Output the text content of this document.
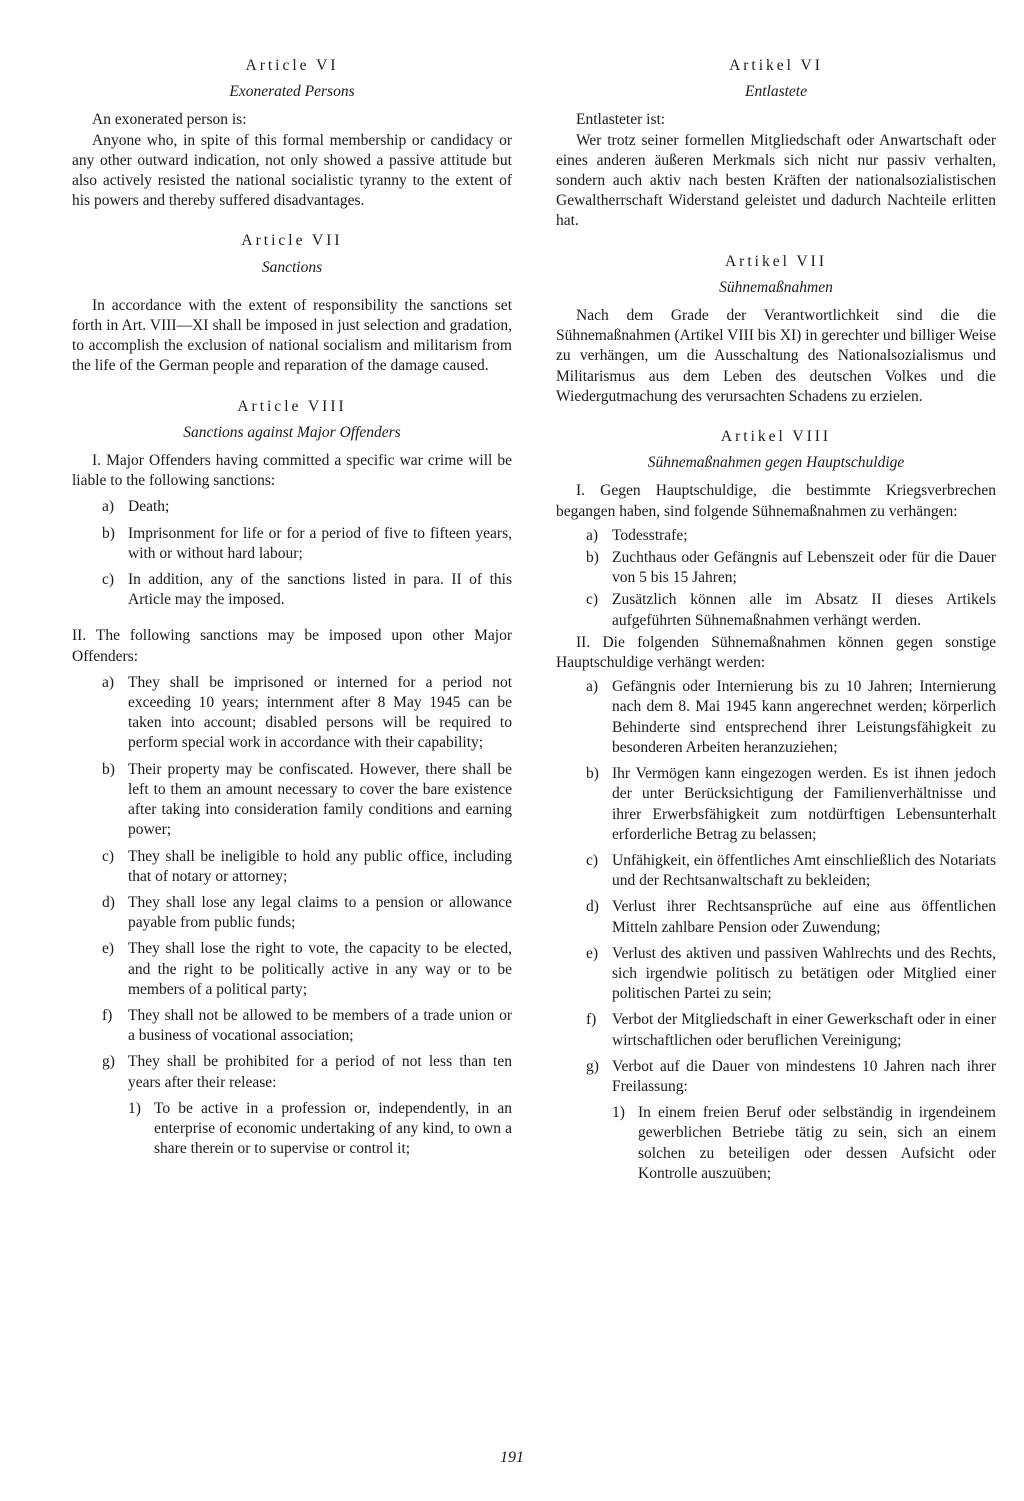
Article VI
Exonerated Persons

An exonerated person is:

Anyone who, in spite of this formal membership or candidacy or any other outward indication, not only showed a passive attitude but also actively resisted the national socialistic tyranny to the extent of his powers and thereby suffered disadvantages.

Article VII
Sanctions

In accordance with the extent of responsibility the sanctions set forth in Art. VIII—XI shall be imposed in just selection and gradation, to accomplish the exclusion of national socialism and militarism from the life of the German people and reparation of the damage caused.

Article VIII
Sanctions against Major Offenders

I. Major Offenders having committed a specific war crime will be liable to the following sanctions:

a) Death;
b) Imprisonment for life or for a period of five to fifteen years, with or without hard labour;
c) In addition, any of the sanctions listed in para. II of this Article may the imposed.

II. The following sanctions may be imposed upon other Major Offenders:

a) They shall be imprisoned or interned for a period not exceeding 10 years; internment after 8 May 1945 can be taken into account; disabled persons will be required to perform special work in accordance with their capability;
b) Their property may be confiscated. However, there shall be left to them an amount necessary to cover the bare existence after taking into consideration family conditions and earning power;
c) They shall be ineligible to hold any public office, including that of notary or attorney;
d) They shall lose any legal claims to a pension or allowance payable from public funds;
e) They shall lose the right to vote, the capacity to be elected, and the right to be politically active in any way or to be members of a political party;
f)	They shall not be allowed to be members of a trade union or a business of vocational association;
g) They shall be prohibited for a period of not less than ten years after their release:
1) To be active in a profession or, independently, in an enterprise of economic undertaking of any kind, to own a share therein or to supervise or control it;
Artikel VI
Entlastete

Entlasteter ist:

Wer trotz seiner formellen Mitgliedschaft oder Anwartschaft oder eines anderen äußeren Merkmals sich nicht nur passiv verhalten, sondern auch aktiv nach besten Kräften der nationalsozialistischen Gewaltherrschaft Widerstand geleistet und dadurch Nachteile erlitten hat.

Artikel VII
Sühnemaßnahmen

Nach dem Grade der Verantwortlichkeit sind die die Sühnemaßnahmen (Artikel VIII bis XI) in gerechter und billiger Weise zu verhängen, um die Ausschaltung des Nationalsozialismus und Militarismus aus dem Leben des deutschen Volkes und die Wiedergutmachung des verursachten Schadens zu erzielen.

Artikel VIII
Sühnemaßnahmen gegen Hauptschuldige

I. Gegen Hauptschuldige, die bestimmte Kriegsverbrechen begangen haben, sind folgende Sühnemaßnahmen zu verhängen:

a) Todesstrafe;
b) Zuchthaus oder Gefängnis auf Lebenszeit oder für die Dauer von 5 bis 15 Jahren;
c) Zusätzlich können alle im Absatz II dieses Artikels aufgeführten Sühnemaßnahmen verhängt werden.

II. Die folgenden Sühnemaßnahmen können gegen sonstige Hauptschuldige verhängt werden:

a) Gefängnis oder Internierung bis zu 10 Jahren; Internierung nach dem 8. Mai 1945 kann angerechnet werden; körperlich Behinderte sind entsprechend ihrer Leistungsfähigkeit zu besonderen Arbeiten heranzuziehen;
b) Ihr Vermögen kann eingezogen werden. Es ist ihnen jedoch der unter Berücksichtigung der Familienverhältnisse und ihrer Erwerbsfähigkeit zum notdürftigen Lebensunterhalt erforderliche Betrag zu belassen;
c) Unfähigkeit, ein öffentliches Amt einschließlich des Notariats und der Rechtsanwaltschaft zu bekleiden;
d) Verlust ihrer Rechtsansprüche auf eine aus öffentlichen Mitteln zahlbare Pension oder Zuwendung;
e) Verlust des aktiven und passiven Wahlrechts und des Rechts, sich irgendwie politisch zu betätigen oder Mitglied einer politischen Partei zu sein;
f)	Verbot der Mitgliedschaft in einer Gewerkschaft oder in einer wirtschaftlichen oder beruflichen Vereinigung;
g) Verbot auf die Dauer von mindestens 10 Jahren nach ihrer Freilassung:
1) In einem freien Beruf oder selbständig in irgendeinem gewerblichen Betriebe tätig zu sein, sich an einem solchen zu beteiligen oder dessen Aufsicht oder Kontrolle auszuüben;
191
